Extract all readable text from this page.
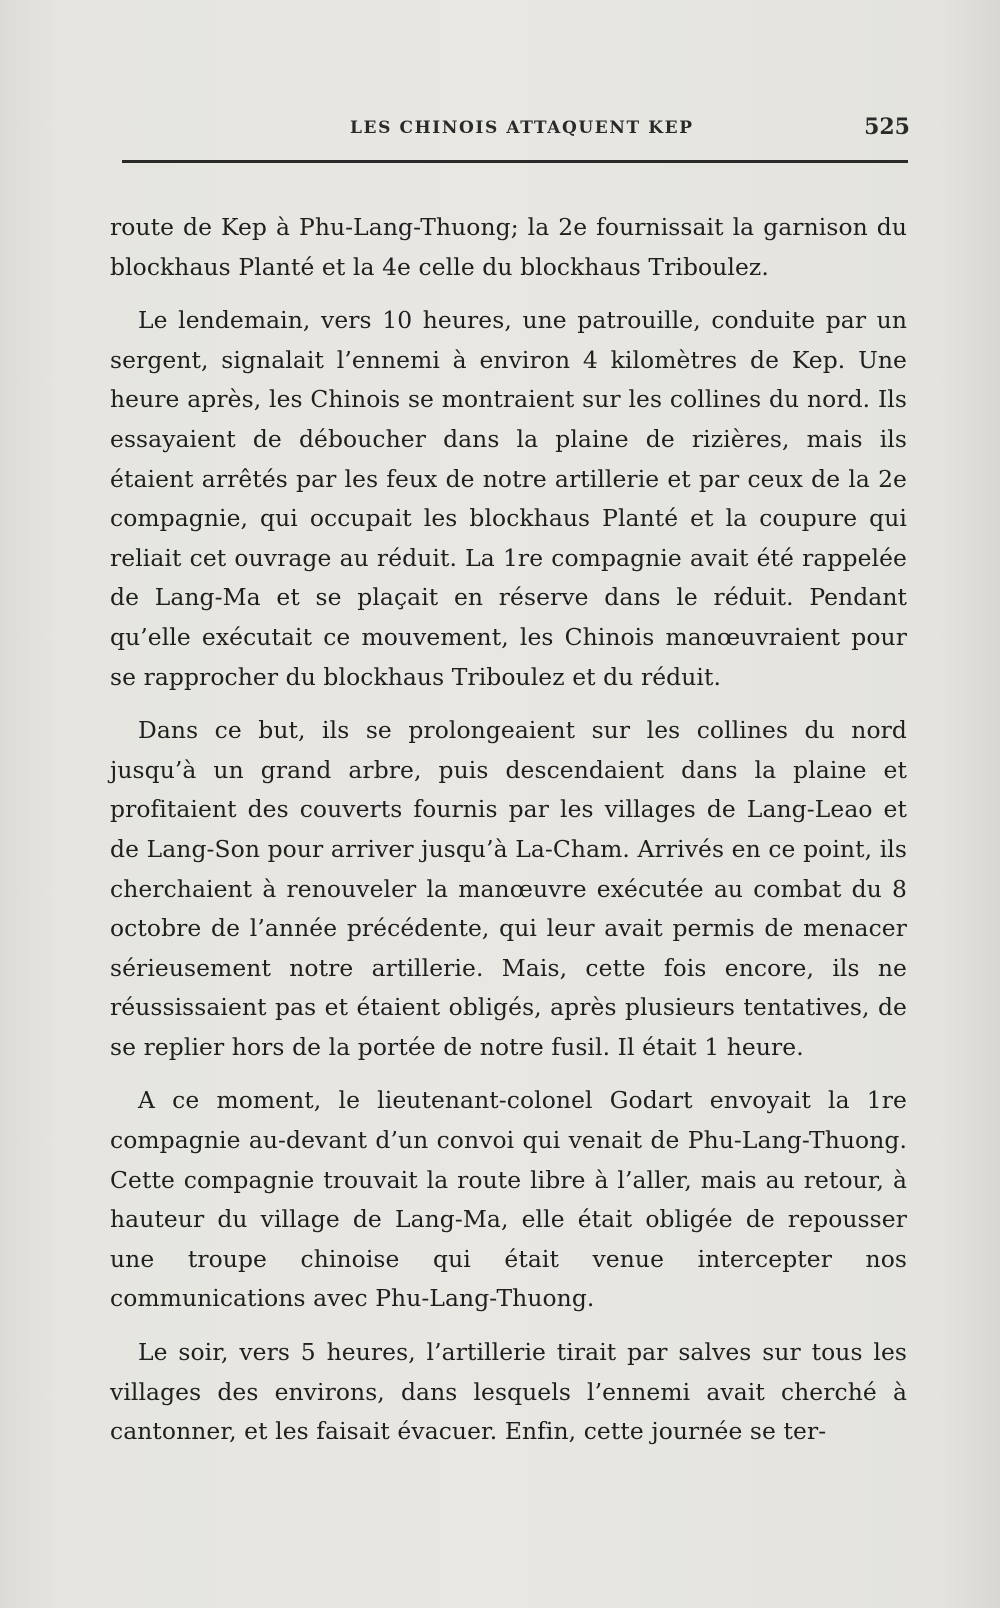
LES CHINOIS ATTAQUENT KEP	525

route de Kep à Phu-Lang-Thuong; la 2e fournissait la garnison du blockhaus Planté et la 4e celle du blockhaus Triboulez.

Le lendemain, vers 10 heures, une patrouille, conduite par un sergent, signalait l’ennemi à environ 4 kilomètres de Kep. Une heure après, les Chinois se montraient sur les collines du nord. Ils essayaient de déboucher dans la plaine de rizières, mais ils étaient arrêtés par les feux de notre artillerie et par ceux de la 2e compagnie, qui occupait les blockhaus Planté et la coupure qui reliait cet ouvrage au réduit. La 1re compagnie avait été rappelée de Lang-Ma et se plaçait en réserve dans le réduit. Pendant qu’elle exécutait ce mouvement, les Chinois manœuvraient pour se rapprocher du blockhaus Triboulez et du réduit.

Dans ce but, ils se prolongeaient sur les collines du nord jusqu’à un grand arbre, puis descendaient dans la plaine et profitaient des couverts fournis par les villages de Lang-Leao et de Lang-Son pour arriver jusqu’à La-Cham. Arrivés en ce point, ils cherchaient à renouveler la manœuvre exécutée au combat du 8 octobre de l’année précédente, qui leur avait permis de menacer sérieusement notre artillerie. Mais, cette fois encore, ils ne réussissaient pas et étaient obligés, après plusieurs tentatives, de se replier hors de la portée de notre fusil. Il était 1 heure.

A ce moment, le lieutenant-colonel Godart envoyait la 1re compagnie au-devant d’un convoi qui venait de Phu-Lang-Thuong. Cette compagnie trouvait la route libre à l’aller, mais au retour, à hauteur du village de Lang-Ma, elle était obligée de repousser une troupe chinoise qui était venue intercepter nos communications avec Phu-Lang-Thuong.

Le soir, vers 5 heures, l’artillerie tirait par salves sur tous les villages des environs, dans lesquels l’ennemi avait cherché à cantonner, et les faisait évacuer. Enfin, cette journée se ter-
